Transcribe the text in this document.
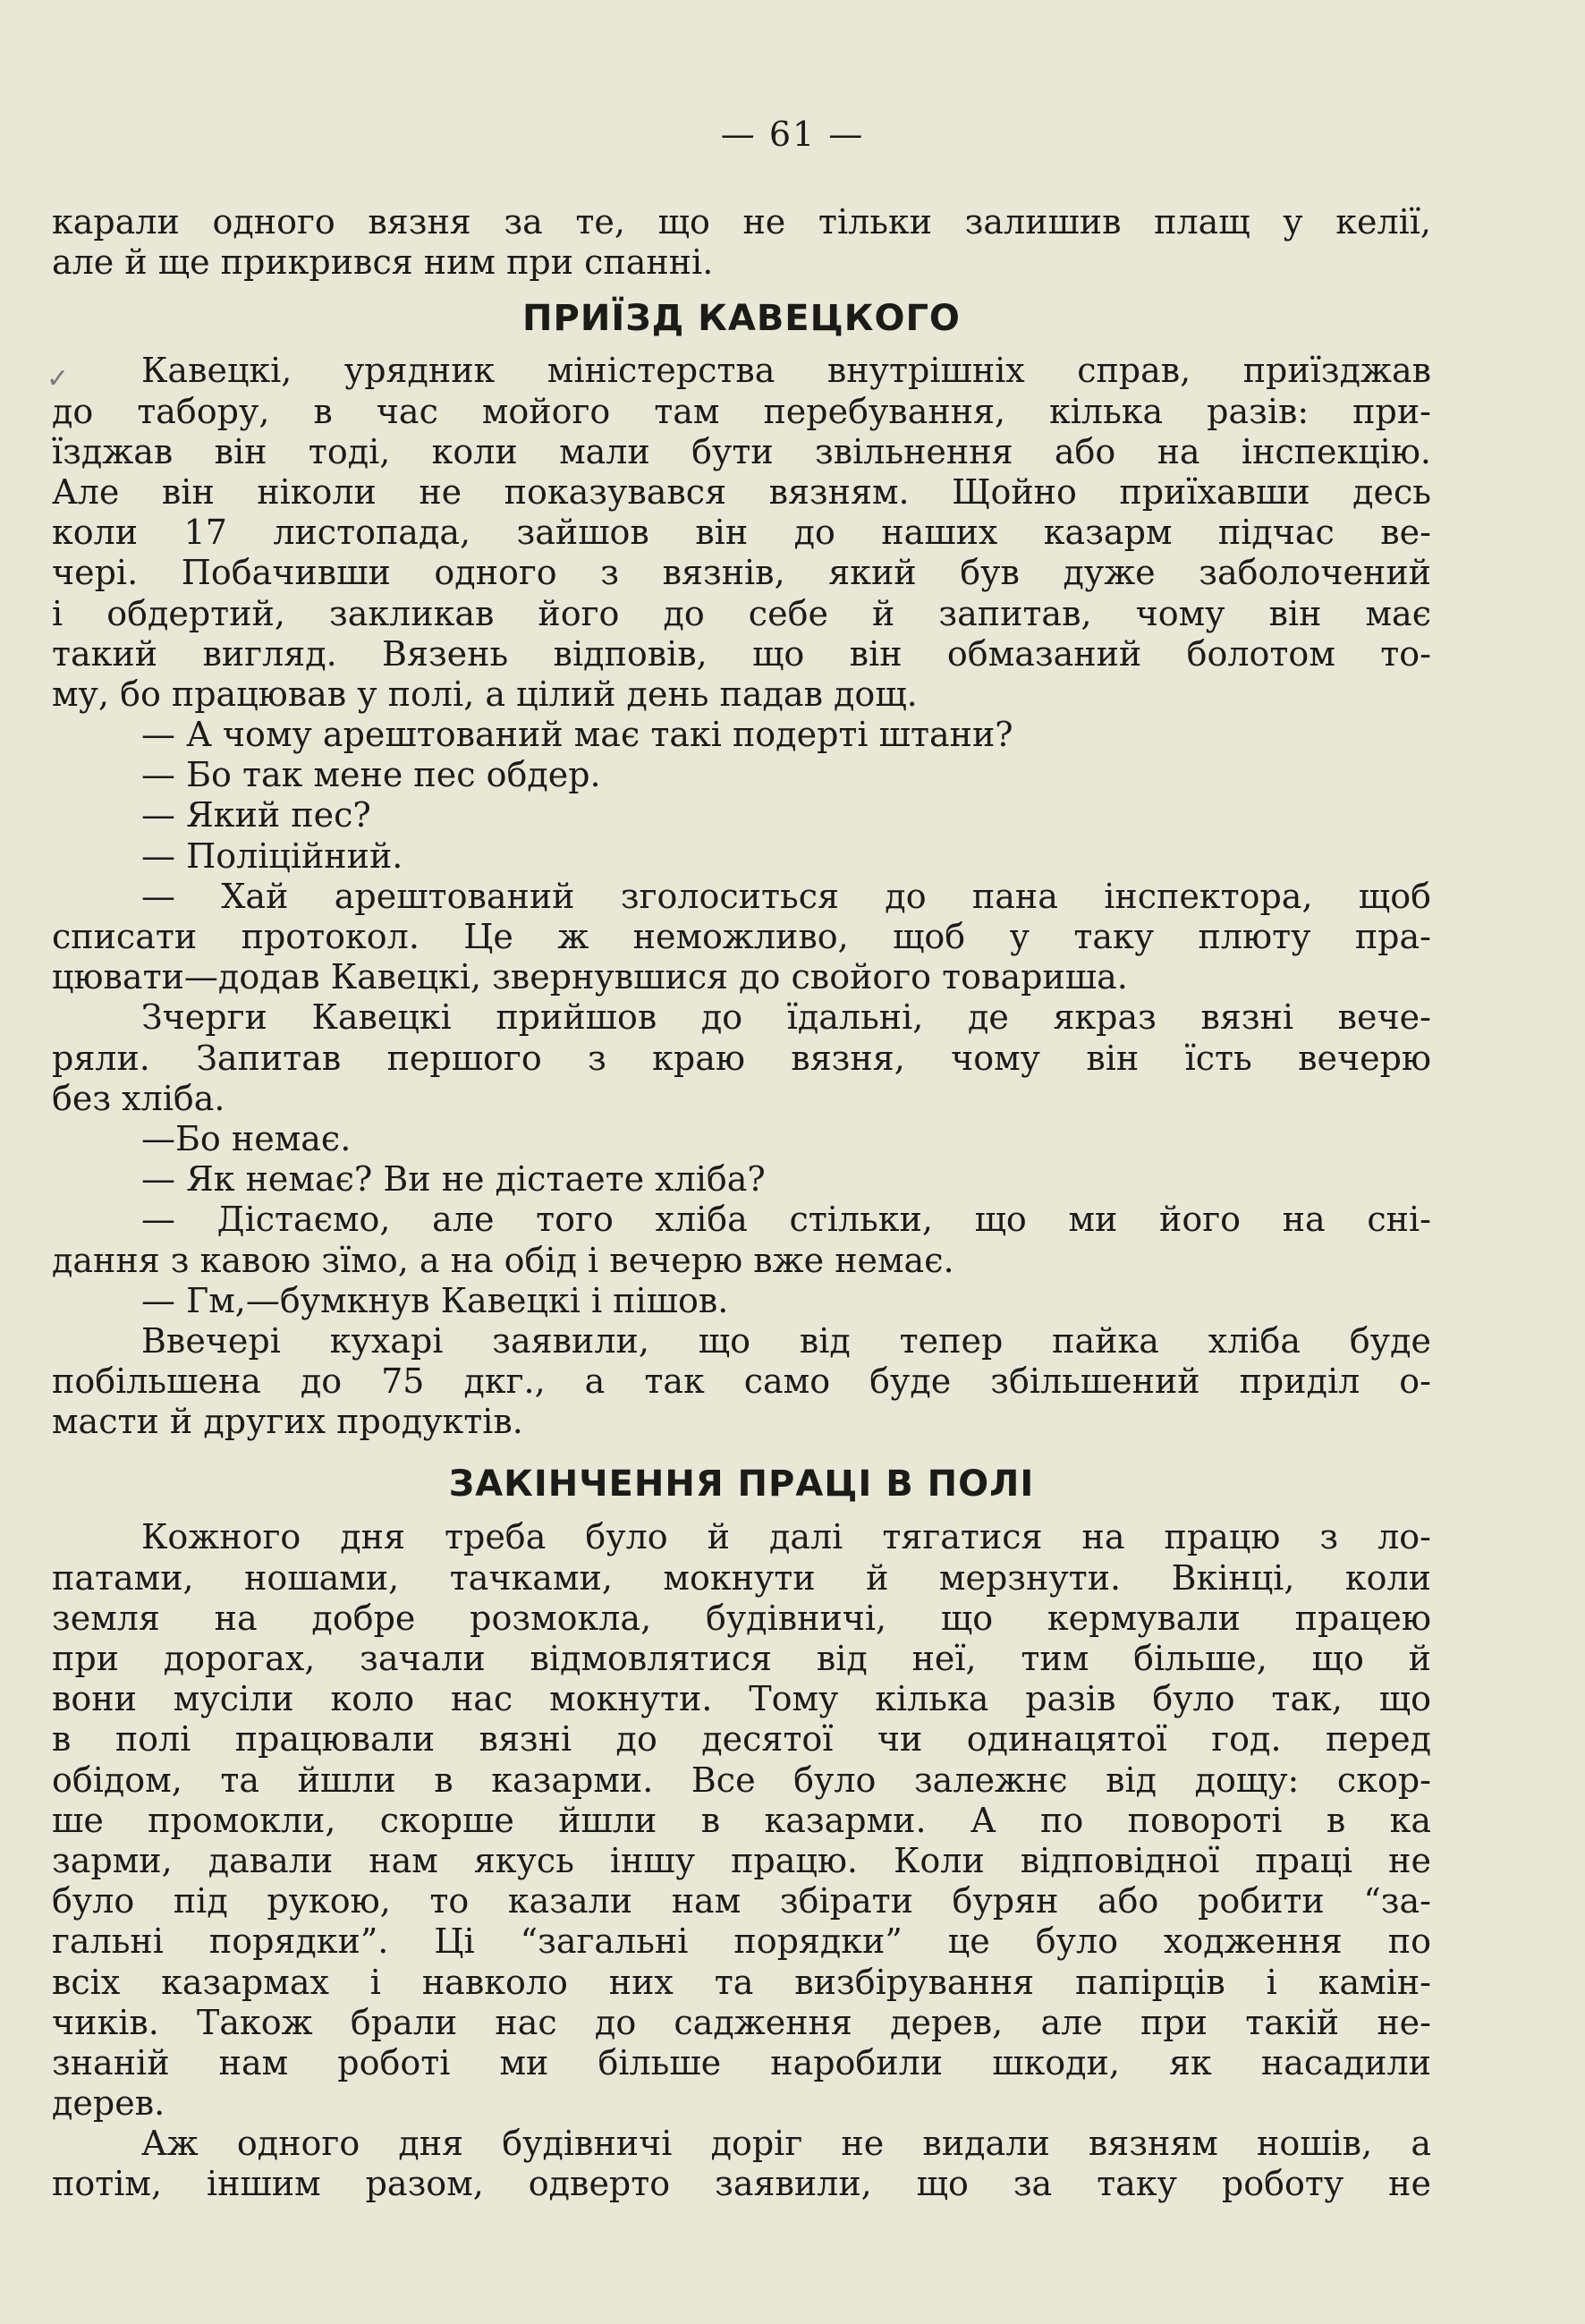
— 61 —
✓
карали одного вязня за те, що не тільки залишив плащ у келії,
але й ще прикрився ним при спанні.
ПРИЇЗД КАВЕЦКОГО
Кавецкі, урядник міністерства внутрішніх справ, приїзджав
до табору, в час мойого там перебування, кілька разів: при-
їзджав він тоді, коли мали бути звільнення або на інспекцію.
Але він ніколи не показувався вязням. Щойно приїхавши десь
коли 17 листопада, зайшов він до наших казарм підчас ве-
чері. Побачивши одного з вязнів, який був дуже заболочений
і обдертий, закликав його до себе й запитав, чому він має
такий вигляд. Вязень відповів, що він обмазаний болотом то-
му, бо працював у полі, а цілий день падав дощ.
— А чому арештований має такі подерті штани?
— Бо так мене пес обдер.
— Який пес?
— Поліційний.
— Хай арештований зголоситься до пана інспектора, щоб
списати протокол. Це ж неможливо, щоб у таку плюту пра-
цювати—додав Кавецкі, звернувшися до свойого товариша.
Зчерги Кавецкі прийшов до їдальні, де якраз вязні вече-
ряли. Запитав першого з краю вязня, чому він їсть вечерю
без хліба.
—Бо немає.
— Як немає? Ви не дістаете хліба?
— Дістаємо, але того хліба стільки, що ми його на сні-
дання з кавою зїмо, а на обід і вечерю вже немає.
— Гм,—бумкнув Кавецкі і пішов.
Ввечері кухарі заявили, що від тепер пайка хліба буде
побільшена до 75 дкг., а так само буде збільшений приділ о-
масти й других продуктів.
ЗАКІНЧЕННЯ ПРАЦІ В ПОЛІ
Кожного дня треба було й далі тягатися на працю з ло-
патами, ношами, тачками, мокнути й мерзнути. Вкінці, коли
земля на добре розмокла, будівничі, що кермували працею
при дорогах, зачали відмовлятися від неї, тим більше, що й
вони мусіли коло нас мокнути. Тому кілька разів було так, що
в полі працювали вязні до десятої чи одинацятої год. перед
обідом, та йшли в казарми. Все було залежнє від дощу: скор-
ше промокли, скорше йшли в казарми. А по повороті в ка
зарми, давали нам якусь іншу працю. Коли відповідної праці не
було під рукою, то казали нам збірати бурян або робити “за-
гальні порядки”. Ці “загальні порядки” це було ходження по
всіх казармах і навколо них та визбірування папірців і камін-
чиків. Також брали нас до садження дерев, але при такій не-
знаній нам роботі ми більше наробили шкоди, як насадили
дерев.
Аж одного дня будівничі доріг не видали вязням ношів, а
потім, іншим разом, одверто заявили, що за таку роботу не
